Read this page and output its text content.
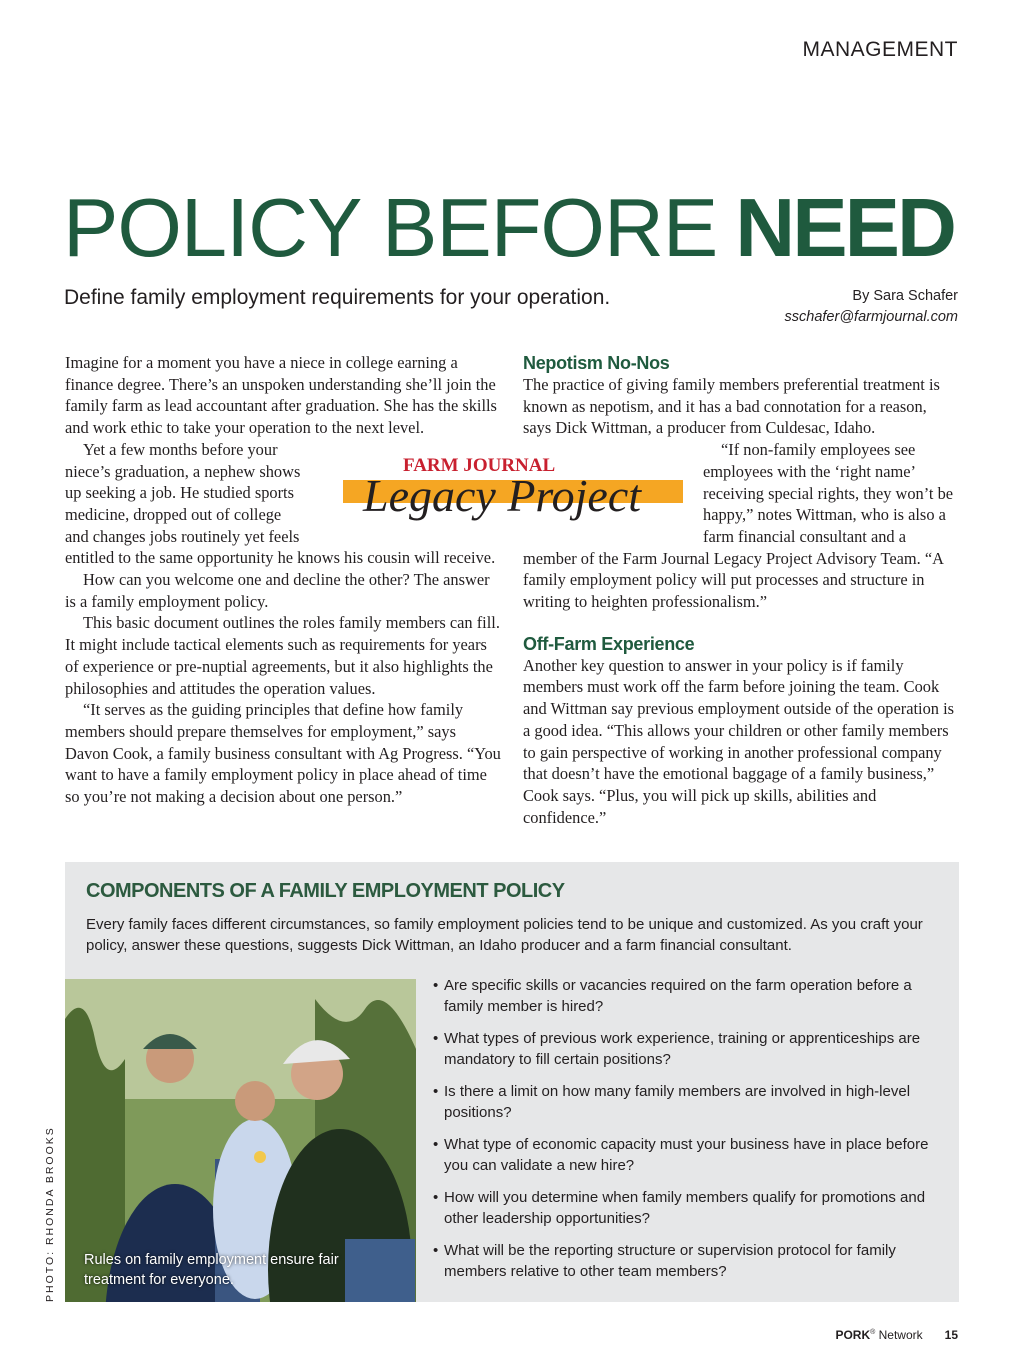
MANAGEMENT
POLICY BEFORE NEED
Define family employment requirements for your operation.	By Sara Schafer
sschafer@farmjournal.com

Imagine for a moment you have a niece in college earning a finance degree. There’s an unspoken understanding she’ll join the family farm as lead accountant after graduation. She has the skills and work ethic to take your operation to the next level.

Yet a few months before your niece’s graduation, a nephew shows up seeking a job. He studied sports medicine, dropped out of college and changes jobs routinely yet feels entitled to the same opportunity he knows his cousin will receive.

How can you welcome one and decline the other? The answer is a family employment policy.

This basic document outlines the roles family members can fill. It might include tactical elements such as requirements for years of experience or pre-nuptial agreements, but it also highlights the philosophies and attitudes the operation values.

“It serves as the guiding principles that define how family members should prepare themselves for employment,” says Davon Cook, a family business consultant with Ag Progress. “You want to have a family employment policy in place ahead of time so you’re not making a decision about one person.”

Nepotism No-Nos

The practice of giving family members preferential treatment is known as nepotism, and it has a bad connotation for a reason, says Dick Wittman, a producer from Culdesac, Idaho.

“If non-family employees see employees with the ‘right name’ receiving special rights, they won’t be happy,” notes Wittman, who is also a farm financial consultant and a member of the Farm Journal Legacy Project Advisory Team. “A family employment policy will put processes and structure in writing to heighten professionalism.”

Off-Farm Experience

Another key question to answer in your policy is if family members must work off the farm before joining the team. Cook and Wittman say previous employment outside of the operation is a good idea. “This allows your children or other family members to gain perspective of working in another professional company that doesn’t have the emotional baggage of a family business,” Cook says. “Plus, you will pick up skills, abilities and confidence.”

FARM JOURNAL
Legacy Project
COMPONENTS OF A FAMILY EMPLOYMENT POLICY
Every family faces different circumstances, so family employment policies tend to be unique and customized. As you craft your policy, answer these questions, suggests Dick Wittman, an Idaho producer and a farm financial consultant.
Rules on family employment ensure fair treatment for everyone.
• Are specific skills or vacancies required on the farm operation before a family member is hired?
• What types of previous work experience, training or apprenticeships are mandatory to fill certain positions?
• Is there a limit on how many family members are involved in high-level positions?
• What type of economic capacity must your business have in place before you can validate a new hire?
• How will you determine when family members qualify for promotions and other leadership opportunities?
• What will be the reporting structure or supervision protocol for family members relative to other team members?
PHOTO: RHONDA BROOKS
PORK® Network 15
